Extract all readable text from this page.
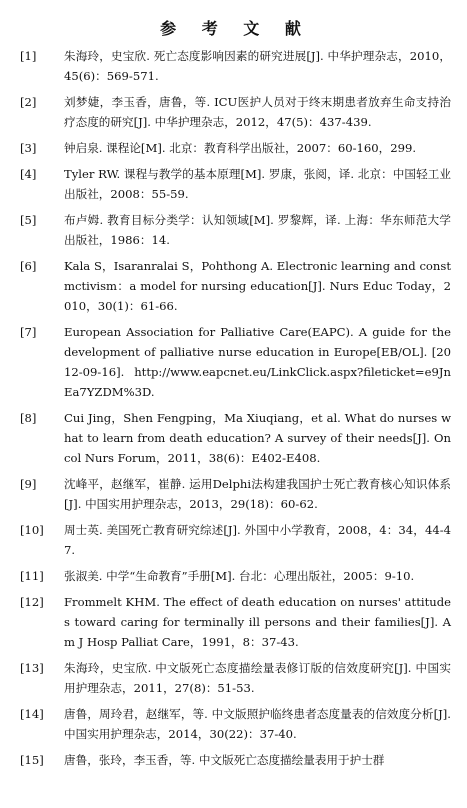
参 考 文 献
[1]	朱海玲，史宝欣. 死亡态度影响因素的研究进展[J]. 中华护理杂志，2010，45(6)：569-571.
[2]	刘梦婕，李玉香，唐鲁，等. ICU医护人员对于终末期患者放弃生命支持治疗态度的研究[J]. 中华护理杂志，2012，47(5)：437-439.
[3]	钟启泉. 课程论[M]. 北京：教育科学出版社，2007：60-160，299.
[4]	Tyler RW. 课程与教学的基本原理[M]. 罗康，张阅，译. 北京：中国轻工业出版社，2008：55-59.
[5]	布卢姆. 教育目标分类学：认知领域[M]. 罗黎辉，译. 上海：华东师范大学出版社，1986：14.
[6]	Kala S，Isaranralai S，Pohthong A. Electronic learning and constmctivism：a model for nursing education[J]. Nurs Educ Today，2010，30(1)：61-66.
[7]	European Association for Palliative Care(EAPC). A guide for the development of palliative nurse education in Europe[EB/OL]. [2012-09-16]. http://www.eapcnet.eu/LinkClick.aspx?fileticket=e9JnEa7YZDM%3D.
[8]	Cui Jing，Shen Fengping，Ma Xiuqiang，et al. What do nurses what to learn from death education? A survey of their needs[J]. Oncol Nurs Forum，2011，38(6)：E402-E408.
[9]	沈峰平，赵继军，崔静. 运用Delphi法构建我国护士死亡教育核心知识体系[J]. 中国实用护理杂志，2013，29(18)：60-62.
[10]	周士英. 美国死亡教育研究综述[J]. 外国中小学教育，2008，4：34，44-47.
[11]	张淑美. 中学“生命教育”手册[M]. 台北：心理出版社，2005：9-10.
[12]	Frommelt KHM. The effect of death education on nurses' attitudes toward caring for terminally ill persons and their families[J]. Am J Hosp Palliat Care，1991，8：37-43.
[13]	朱海玲，史宝欣. 中文版死亡态度描绘量表修订版的信效度研究[J]. 中国实用护理杂志，2011，27(8)：51-53.
[14]	唐鲁，周玲君，赵继军，等. 中文版照护临终患者态度量表的信效度分析[J]. 中国实用护理杂志，2014，30(22)：37-40.
[15]	唐鲁，张玲，李玉香，等. 中文版死亡态度描绘量表用于护士群
